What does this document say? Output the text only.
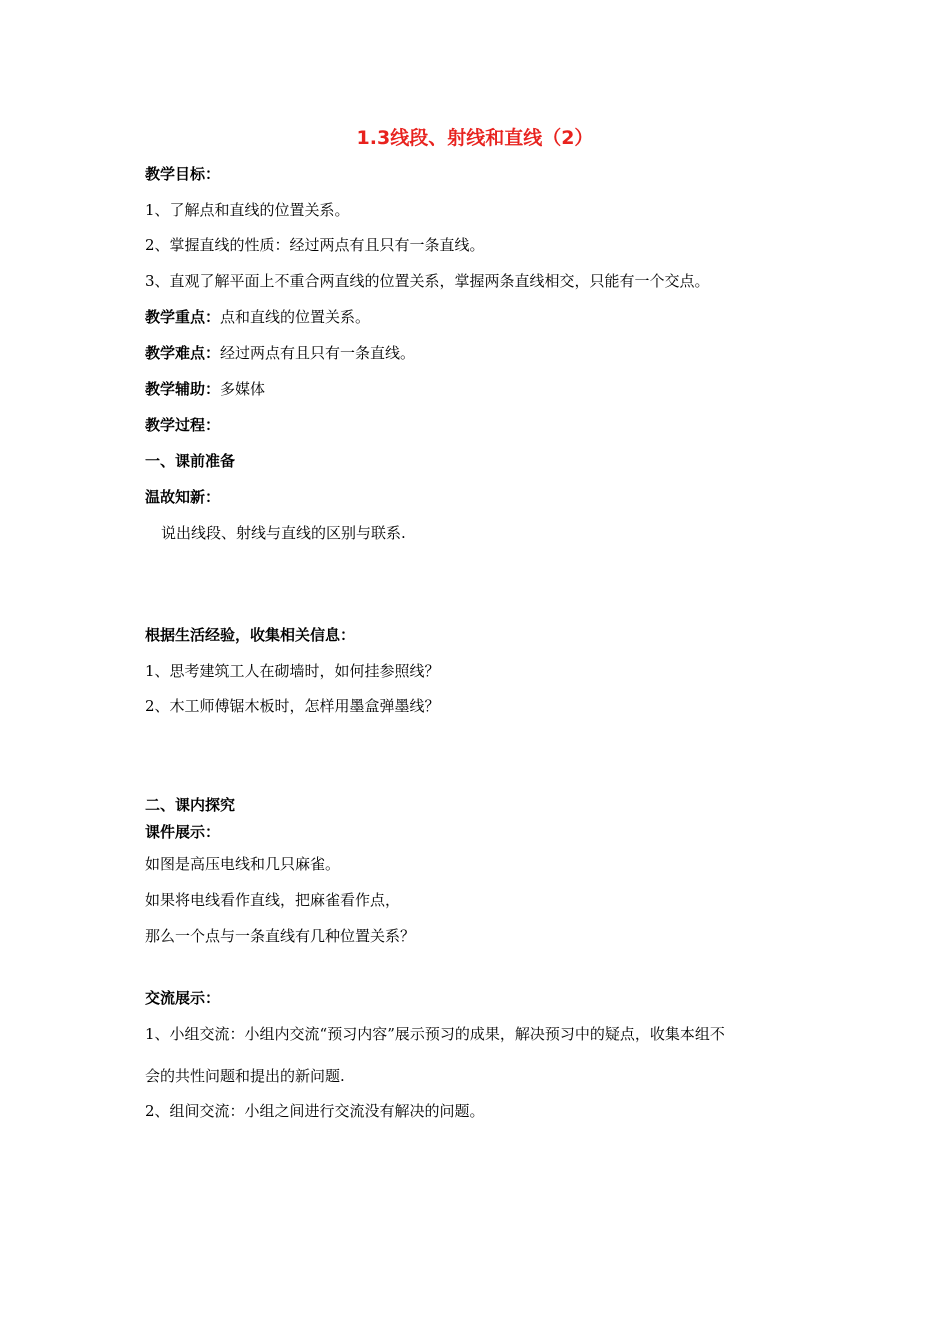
1.3线段、射线和直线（2）
教学目标：
1、了解点和直线的位置关系。
2、掌握直线的性质：经过两点有且只有一条直线。
3、直观了解平面上不重合两直线的位置关系，掌握两条直线相交，只能有一个交点。
教学重点：点和直线的位置关系。
教学难点：经过两点有且只有一条直线。
教学辅助：多媒体
教学过程：
一、课前准备
温故知新：
说出线段、射线与直线的区别与联系.
根据生活经验，收集相关信息：
1、思考建筑工人在砌墙时，如何挂参照线？
2、木工师傅锯木板时，怎样用墨盒弹墨线？
二、课内探究
课件展示：
如图是高压电线和几只麻雀。
如果将电线看作直线，把麻雀看作点，
那么一个点与一条直线有几种位置关系？
交流展示：
1、小组交流：小组内交流“预习内容”展示预习的成果，解决预习中的疑点，收集本组不
会的共性问题和提出的新问题.
2、组间交流：小组之间进行交流没有解决的问题。
